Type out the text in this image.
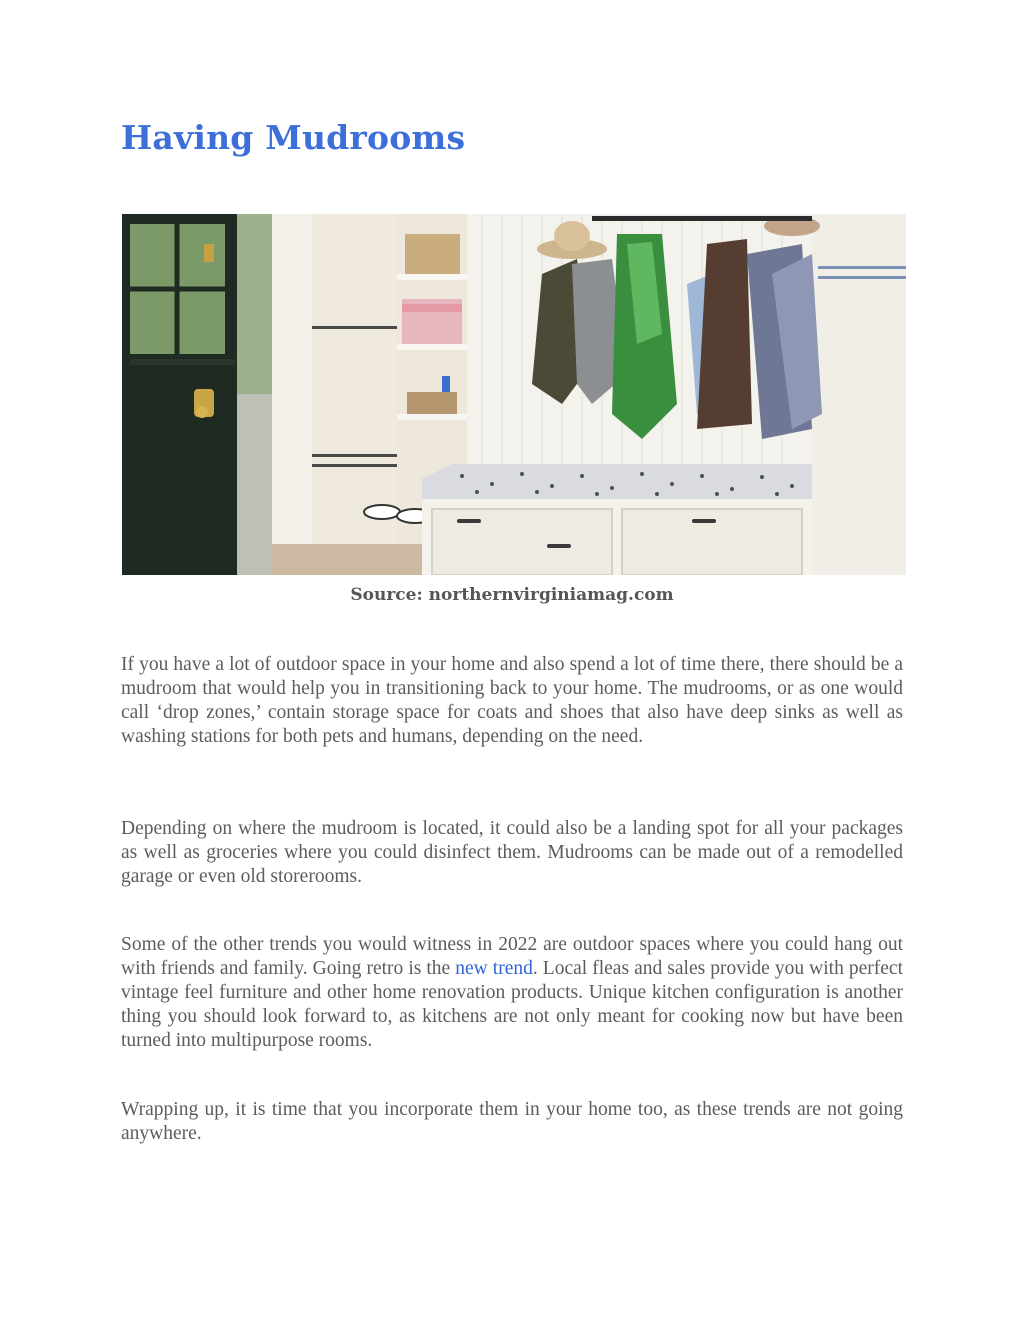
Having Mudrooms
Source: northernvirginiamag.com

If you have a lot of outdoor space in your home and also spend a lot of time there, there should be a mudroom that would help you in transitioning back to your home. The mudrooms, or as one would call ‘drop zones,’ contain storage space for coats and shoes that also have deep sinks as well as washing stations for both pets and humans, depending on the need.

Depending on where the mudroom is located, it could also be a landing spot for all your packages as well as groceries where you could disinfect them. Mudrooms can be made out of a remodelled garage or even old storerooms.

Some of the other trends you would witness in 2022 are outdoor spaces where you could hang out with friends and family. Going retro is the new trend. Local fleas and sales provide you with perfect vintage feel furniture and other home renovation products. Unique kitchen configuration is another thing you should look forward to, as kitchens are not only meant for cooking now but have been turned into multipurpose rooms.

Wrapping up, it is time that you incorporate them in your home too, as these trends are not going anywhere.
